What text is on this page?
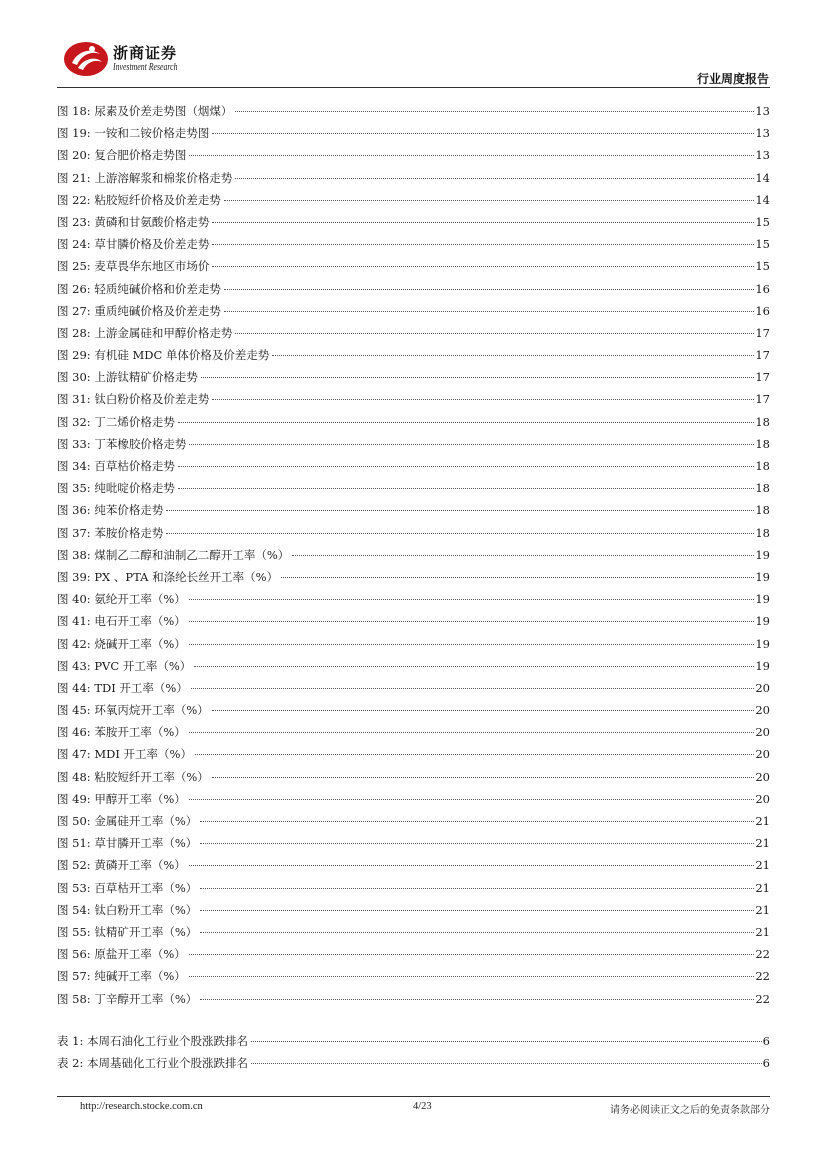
浙商证券
Investment Research
行业周度报告
图 18: 尿素及价差走势图（烟煤）	13
图 19: 一铵和二铵价格走势图	13
图 20: 复合肥价格走势图	13
图 21: 上游溶解浆和棉浆价格走势	14
图 22: 粘胶短纤价格及价差走势	14
图 23: 黄磷和甘氨酸价格走势	15
图 24: 草甘膦价格及价差走势	15
图 25: 麦草畏华东地区市场价	15
图 26: 轻质纯碱价格和价差走势	16
图 27: 重质纯碱价格及价差走势	16
图 28: 上游金属硅和甲醇价格走势	17
图 29: 有机硅 MDC 单体价格及价差走势	17
图 30: 上游钛精矿价格走势	17
图 31: 钛白粉价格及价差走势	17
图 32: 丁二烯价格走势	18
图 33: 丁苯橡胶价格走势	18
图 34: 百草枯价格走势	18
图 35: 纯吡啶价格走势	18
图 36: 纯苯价格走势	18
图 37: 苯胺价格走势	18
图 38: 煤制乙二醇和油制乙二醇开工率（%）	19
图 39: PX 、PTA 和涤纶长丝开工率（%）	19
图 40: 氨纶开工率（%）	19
图 41: 电石开工率（%）	19
图 42: 烧碱开工率（%）	19
图 43: PVC 开工率（%）	19
图 44: TDI 开工率（%）	20
图 45: 环氧丙烷开工率（%）	20
图 46: 苯胺开工率（%）	20
图 47: MDI 开工率（%）	20
图 48: 粘胶短纤开工率（%）	20
图 49: 甲醇开工率（%）	20
图 50: 金属硅开工率（%）	21
图 51: 草甘膦开工率（%）	21
图 52: 黄磷开工率（%）	21
图 53: 百草枯开工率（%）	21
图 54: 钛白粉开工率（%）	21
图 55: 钛精矿开工率（%）	21
图 56: 原盐开工率（%）	22
图 57: 纯碱开工率（%）	22
图 58: 丁辛醇开工率（%）	22
表 1: 本周石油化工行业个股涨跌排名	6
表 2: 本周基础化工行业个股涨跌排名	6
http://research.stocke.com.cn	4/23	请务必阅读正文之后的免责条款部分
